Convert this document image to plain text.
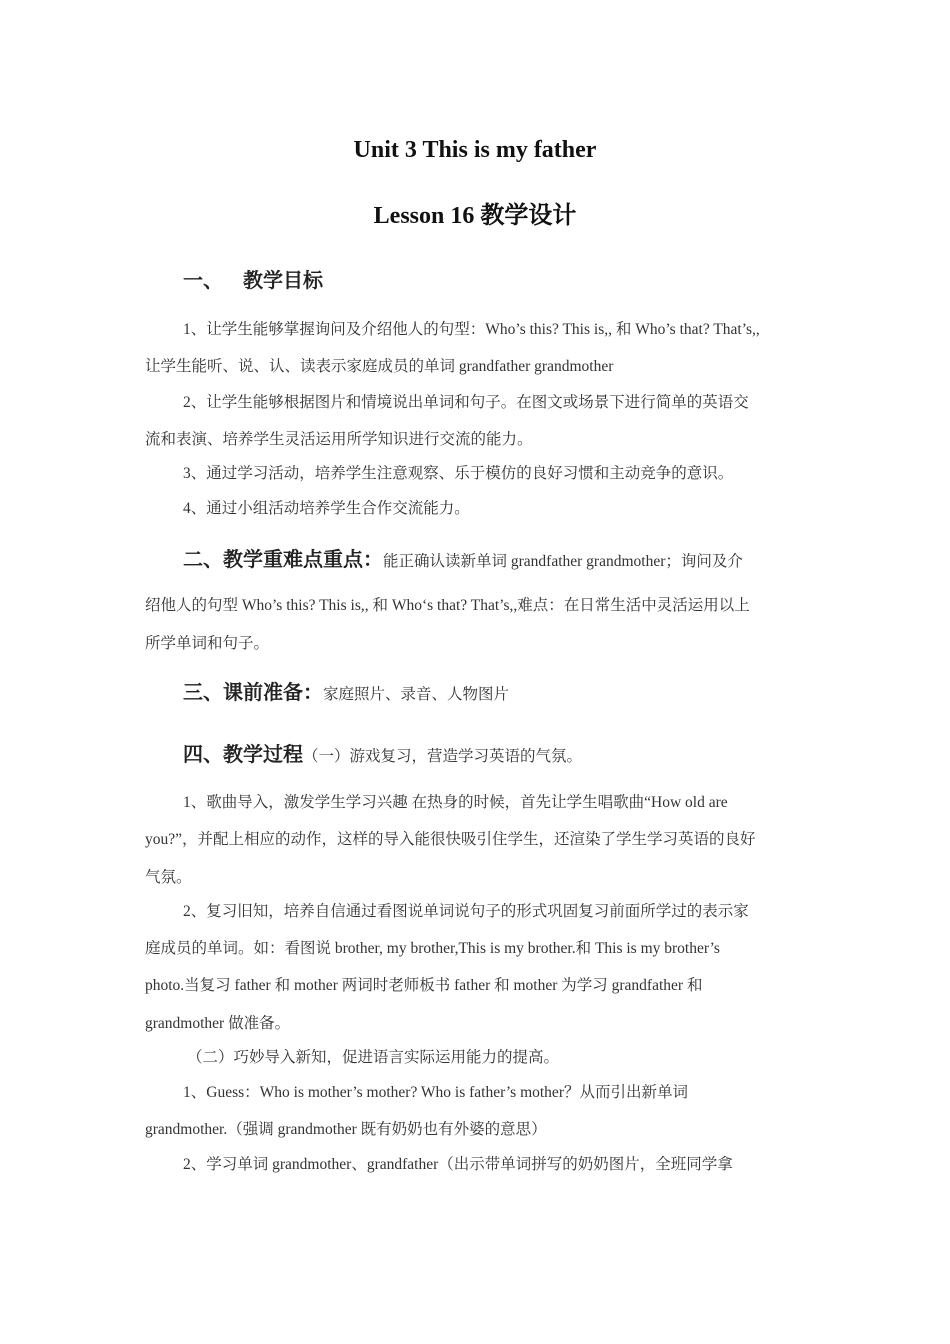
Unit 3 This is my father
Lesson 16 教学设计
一、 教学目标
1、让学生能够掌握询问及介绍他人的句型：Who’s this? This is,, 和 Who’s that? That’s,,
让学生能听、说、认、读表示家庭成员的单词 grandfather grandmother
2、让学生能够根据图片和情境说出单词和句子。在图文或场景下进行简单的英语交
流和表演、培养学生灵活运用所学知识进行交流的能力。
3、通过学习活动，培养学生注意观察、乐于模仿的良好习惯和主动竞争的意识。
4、通过小组活动培养学生合作交流能力。
二、教学重难点重点：能正确认读新单词 grandfather grandmother；询问及介
绍他人的句型 Who’s this? This is,, 和 Who‘s that? That’s,,难点：在日常生活中灵活运用以上
所学单词和句子。
三、课前准备：家庭照片、录音、人物图片
四、教学过程（一）游戏复习，营造学习英语的气氛。
1、歌曲导入，激发学生学习兴趣 在热身的时候，首先让学生唱歌曲“How old are
you?”，并配上相应的动作，这样的导入能很快吸引住学生，还渲染了学生学习英语的良好
气氛。
2、复习旧知，培养自信通过看图说单词说句子的形式巩固复习前面所学过的表示家
庭成员的单词。如：看图说 brother, my brother,This is my brother.和 This is my brother’s
photo.当复习 father 和 mother 两词时老师板书 father 和 mother 为学习 grandfather 和
grandmother 做准备。
（二）巧妙导入新知，促进语言实际运用能力的提高。
1、Guess：Who is mother’s mother? Who is father’s mother？从而引出新单词
grandmother.（强调 grandmother 既有奶奶也有外婆的意思）
2、学习单词 grandmother、grandfather（出示带单词拼写的奶奶图片，全班同学拿
